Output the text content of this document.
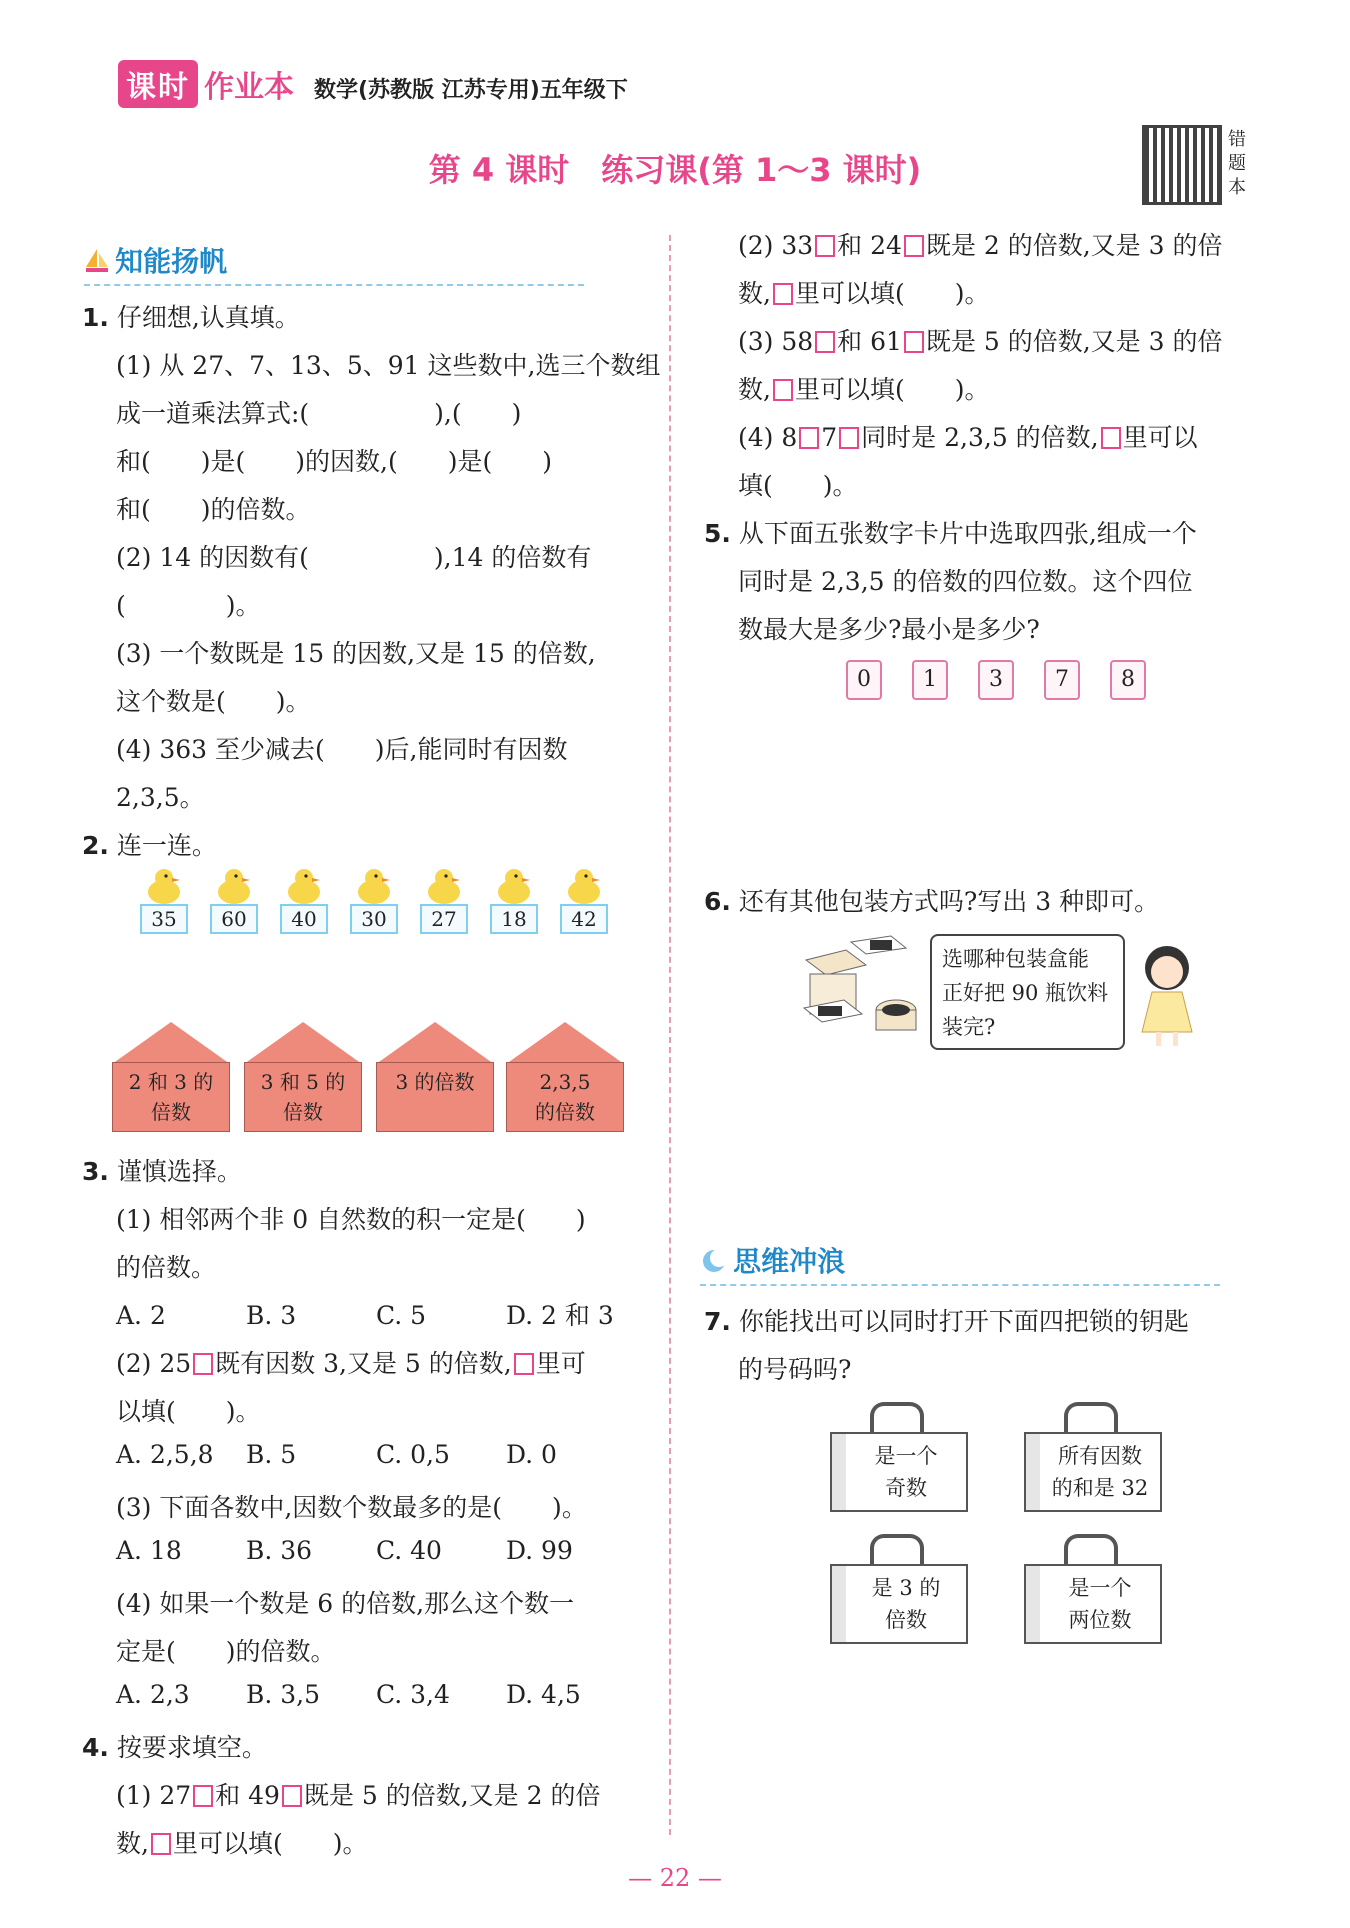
课时 作业本 数学(苏教版 江苏专用)五年级下
第 4 课时　练习课(第 1～3 课时)
错题本
知能扬帆
1. 仔细想,认真填。
(1) 从 27、7、13、5、91 这些数中,选三个数组
成一道乘法算式:(　　　　　),(　　)
和(　　)是(　　)的因数,(　　)是(　　)
和(　　)的倍数。
(2) 14 的因数有(　　　　　),14 的倍数有
(　　　　)。
(3) 一个数既是 15 的因数,又是 15 的倍数,
这个数是(　　)。
(4) 363 至少减去(　　)后,能同时有因数
2,3,5。
2. 连一连。
35	60	40	30	27	18	42
2 和 3 的
倍数
3 和 5 的
倍数
3 的倍数	2,3,5
的倍数
3. 谨慎选择。
(1) 相邻两个非 0 自然数的积一定是(　　)
的倍数。
A. 2	B. 3	C. 5	D. 2 和 3
(2) 25 既有因数 3,又是 5 的倍数, 里可
以填(　　)。
A. 2,5,8 B. 5	C. 0,5 D. 0
(3) 下面各数中,因数个数最多的是(　　)。
A. 18	B. 36	C. 40	D. 99
(4) 如果一个数是 6 的倍数,那么这个数一
定是(　　)的倍数。
A. 2,3 B. 3,5 C. 3,4 D. 4,5
4. 按要求填空。
(1) 27 和 49 既是 5 的倍数,又是 2 的倍
数, 里可以填(　　)。
(2) 33 和 24 既是 2 的倍数,又是 3 的倍
数, 里可以填(　　)。
(3) 58 和 61 既是 5 的倍数,又是 3 的倍
数, 里可以填(　　)。
(4) 8 7 同时是 2,3,5 的倍数, 里可以
填(　　)。
5. 从下面五张数字卡片中选取四张,组成一个
同时是 2,3,5 的倍数的四位数。这个四位
数最大是多少?最小是多少?
0	1	3	7	8
6. 还有其他包装方式吗?写出 3 种即可。
选哪种包装盒能
正好把 90 瓶饮料
装完?
思维冲浪
7. 你能找出可以同时打开下面四把锁的钥匙
的号码吗?
是一个
奇数
所有因数
的和是 32
是 3 的
倍数
是一个
两位数
— 22 —
